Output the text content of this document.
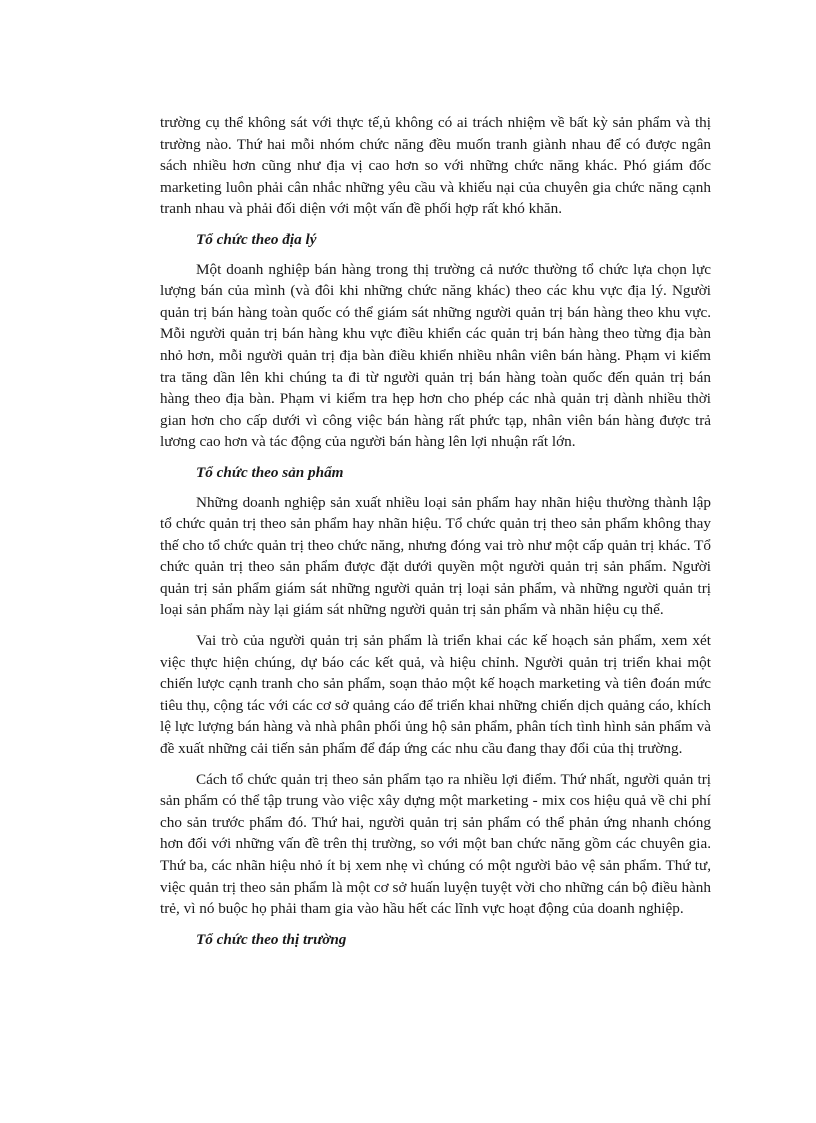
trường cụ thể không sát với thực tế,ủ không có ai trách nhiệm về bất kỳ sản phẩm và thị trường nào. Thứ hai mỗi nhóm chức năng đều muốn tranh giành nhau để có được ngân sách nhiều hơn cũng như địa vị cao hơn so với những chức năng khác. Phó giám đốc marketing luôn phải cân nhắc những yêu cầu và khiếu nại của chuyên gia chức năng cạnh tranh nhau và phải đối diện với một vấn đề phối hợp rất khó khăn.

Tổ chức theo địa lý

Một doanh nghiệp bán hàng trong thị trường cả nước thường tổ chức lựa chọn lực lượng bán của mình (và đôi khi những chức năng khác) theo các khu vực địa lý. Người quản trị bán hàng toàn quốc có thể giám sát những người quản trị bán hàng theo khu vực. Mỗi người quản trị bán hàng khu vực điều khiển các quản trị bán hàng theo từng địa bàn nhỏ hơn, mỗi người quản trị địa bàn điều khiển nhiều nhân viên bán hàng. Phạm vi kiểm tra tăng dần lên khi chúng ta đi từ người quản trị bán hàng toàn quốc đến quản trị bán hàng theo địa bàn. Phạm vi kiểm tra hẹp hơn cho phép các nhà quản trị dành nhiều thời gian hơn cho cấp dưới vì công việc bán hàng rất phức tạp, nhân viên bán hàng được trả lương cao hơn và tác động của người bán hàng lên lợi nhuận rất lớn.

Tổ chức theo sản phẩm

Những doanh nghiệp sản xuất nhiều loại sản phẩm hay nhãn hiệu thường thành lập tổ chức quản trị theo sản phẩm hay nhãn hiệu. Tổ chức quản trị theo sản phẩm không thay thế cho tổ chức quản trị theo chức năng, nhưng đóng vai trò như một cấp quản trị khác. Tổ chức quản trị theo sản phẩm được đặt dưới quyền một người quản trị sản phẩm. Người quản trị sản phẩm giám sát những người quản trị loại sản phẩm, và những người quản trị loại sản phẩm này lại giám sát những người quản trị sản phẩm và nhãn hiệu cụ thể.

Vai trò của người quản trị sản phẩm là triển khai các kế hoạch sản phẩm, xem xét việc thực hiện chúng, dự báo các kết quả, và hiệu chỉnh. Người quản trị triển khai một chiến lược cạnh tranh cho sản phẩm, soạn thảo một kế hoạch marketing và tiên đoán mức tiêu thụ, cộng tác với các cơ sở quảng cáo để triển khai những chiến dịch quảng cáo, khích lệ lực lượng bán hàng và nhà phân phối ủng hộ sản phẩm, phân tích tình hình sản phẩm và đề xuất những cải tiến sản phẩm để đáp ứng các nhu cầu đang thay đổi của thị trường.

Cách tổ chức quản trị theo sản phẩm tạo ra nhiều lợi điểm. Thứ nhất, người quản trị sản phẩm có thể tập trung vào việc xây dựng một marketing - mix cos hiệu quả về chi phí cho sản trước phẩm đó. Thứ hai, người quản trị sản phẩm có thể phản ứng nhanh chóng hơn đối với những vấn đề trên thị trường, so với một ban chức năng gồm các chuyên gia. Thứ ba, các nhãn hiệu nhỏ ít bị xem nhẹ vì chúng có một người bảo vệ sản phẩm. Thứ tư, việc quản trị theo sản phẩm là một cơ sở huấn luyện tuyệt vời cho những cán bộ điều hành trẻ, vì nó buộc họ phải tham gia vào hầu hết các lĩnh vực hoạt động của doanh nghiệp.

Tổ chức theo thị trường
